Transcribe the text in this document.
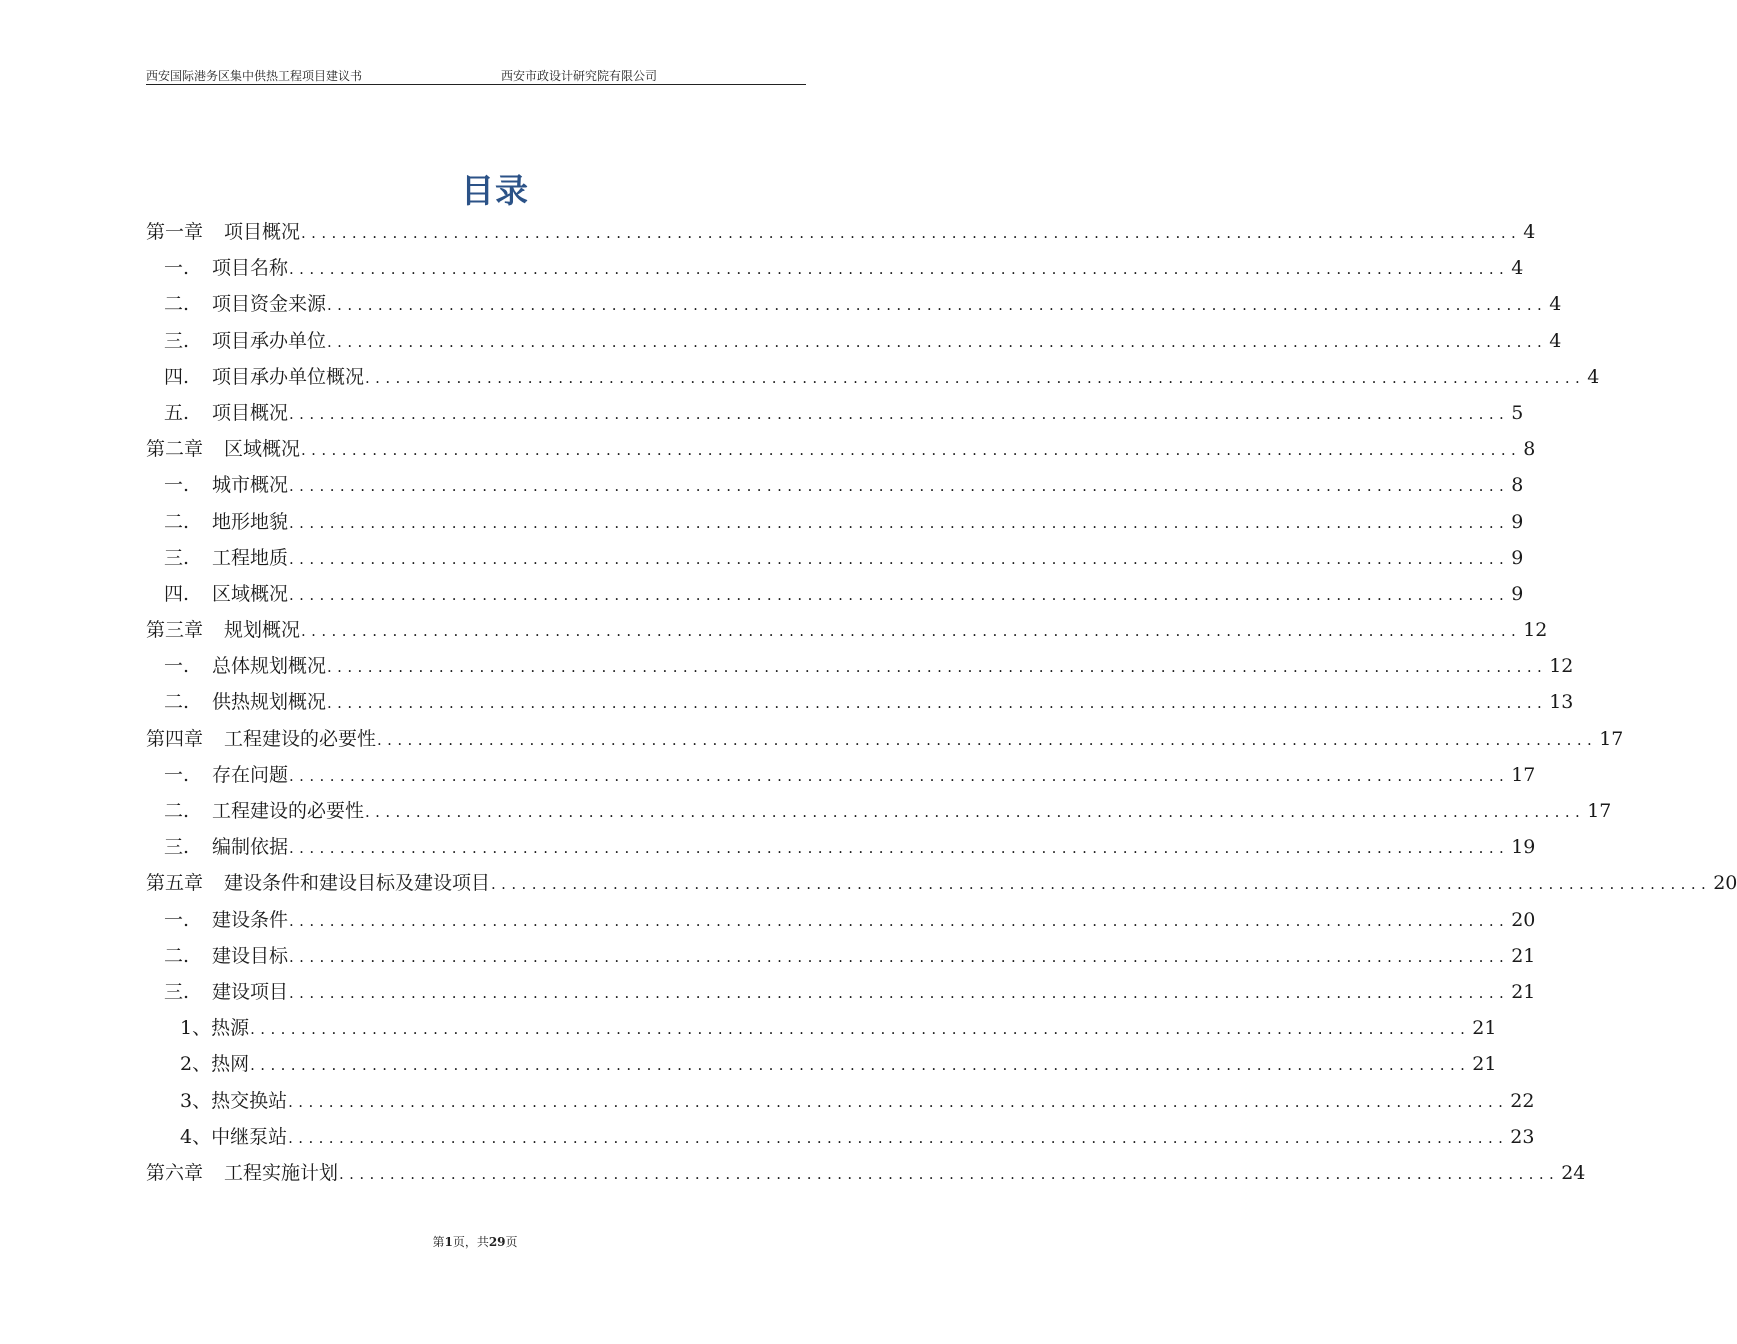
西安国际港务区集中供热工程项目建议书	西安市政设计研究院有限公司
目录
第一章 项目概况 ........................................................................................................................ 4
一. 项目名称 ........................................................................................................................ 4
二. 项目资金来源 ........................................................................................................................ 4
三. 项目承办单位 ........................................................................................................................ 4
四. 项目承办单位概况 ........................................................................................................................ 4
五. 项目概况 ........................................................................................................................ 5
第二章 区域概况 ........................................................................................................................ 8
一. 城市概况 ........................................................................................................................ 8
二. 地形地貌 ........................................................................................................................ 9
三. 工程地质 ........................................................................................................................ 9
四. 区域概况 ........................................................................................................................ 9
第三章 规划概况 ........................................................................................................................ 12
一. 总体规划概况 ........................................................................................................................ 12
二. 供热规划概况 ........................................................................................................................ 13
第四章 工程建设的必要性 ........................................................................................................................ 17
一. 存在问题 ........................................................................................................................ 17
二. 工程建设的必要性 ........................................................................................................................ 17
三. 编制依据 ........................................................................................................................ 19
第五章 建设条件和建设目标及建设项目 ........................................................................................................................ 20
一. 建设条件 ........................................................................................................................ 20
二. 建设目标 ........................................................................................................................ 21
三. 建设项目 ........................................................................................................................ 21
1、热源 ........................................................................................................................ 21
2、热网 ........................................................................................................................ 21
3、热交换站 ........................................................................................................................ 22
4、中继泵站 ........................................................................................................................ 23
第六章 工程实施计划 ........................................................................................................................ 24
第1页，共29页
